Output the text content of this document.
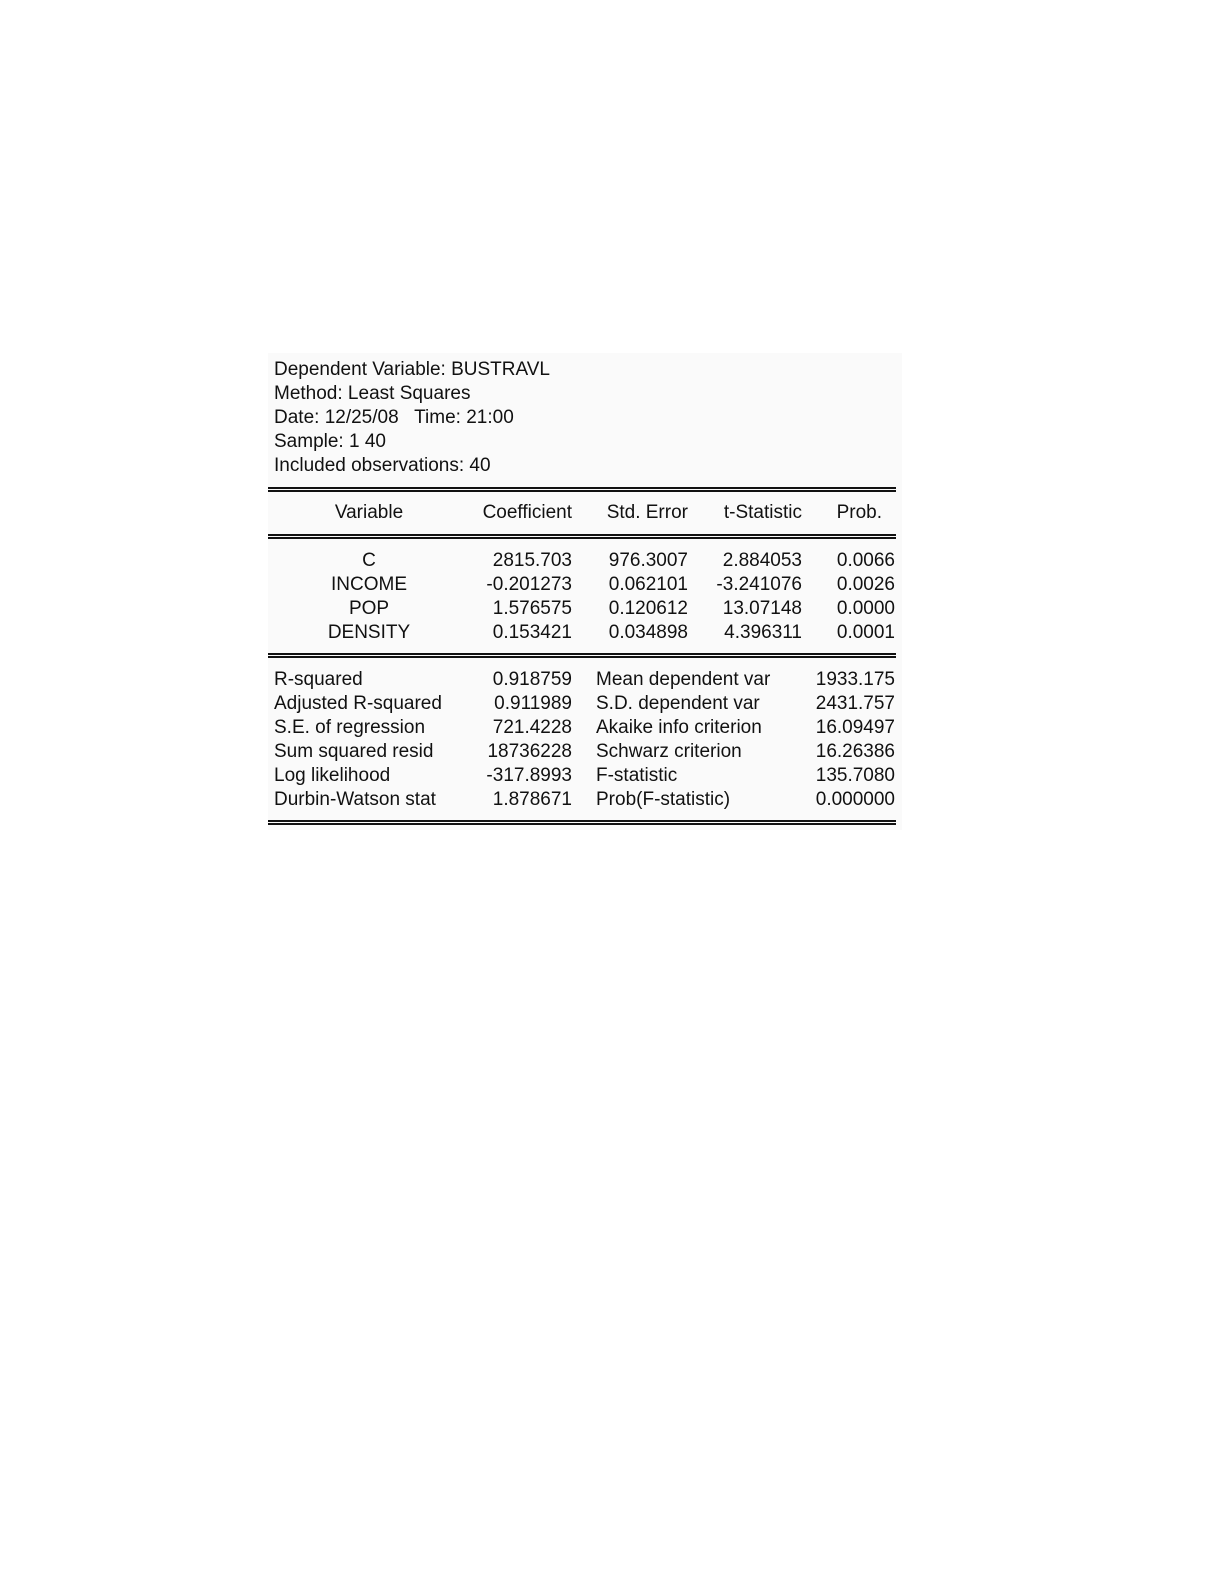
Dependent Variable: BUSTRAVL
Method: Least Squares
Date: 12/25/08   Time: 21:00
Sample: 1 40
Included observations: 40
Variable	Coefficient	Std. Error	t-Statistic	Prob.
C	2815.703	976.3007	2.884053	0.0066
INCOME	-0.201273	0.062101	-3.241076	0.0026
POP	1.576575	0.120612	13.07148	0.0000
DENSITY	0.153421	0.034898	4.396311	0.0001
R-squared	0.918759 Mean dependent var	1933.175
Adjusted R-squared	0.911989 S.D. dependent var	2431.757
S.E. of regression	721.4228 Akaike info criterion	16.09497
Sum squared resid	18736228 Schwarz criterion	16.26386
Log likelihood	-317.8993 F-statistic	135.7080
Durbin-Watson stat	1.878671 Prob(F-statistic)	0.000000
